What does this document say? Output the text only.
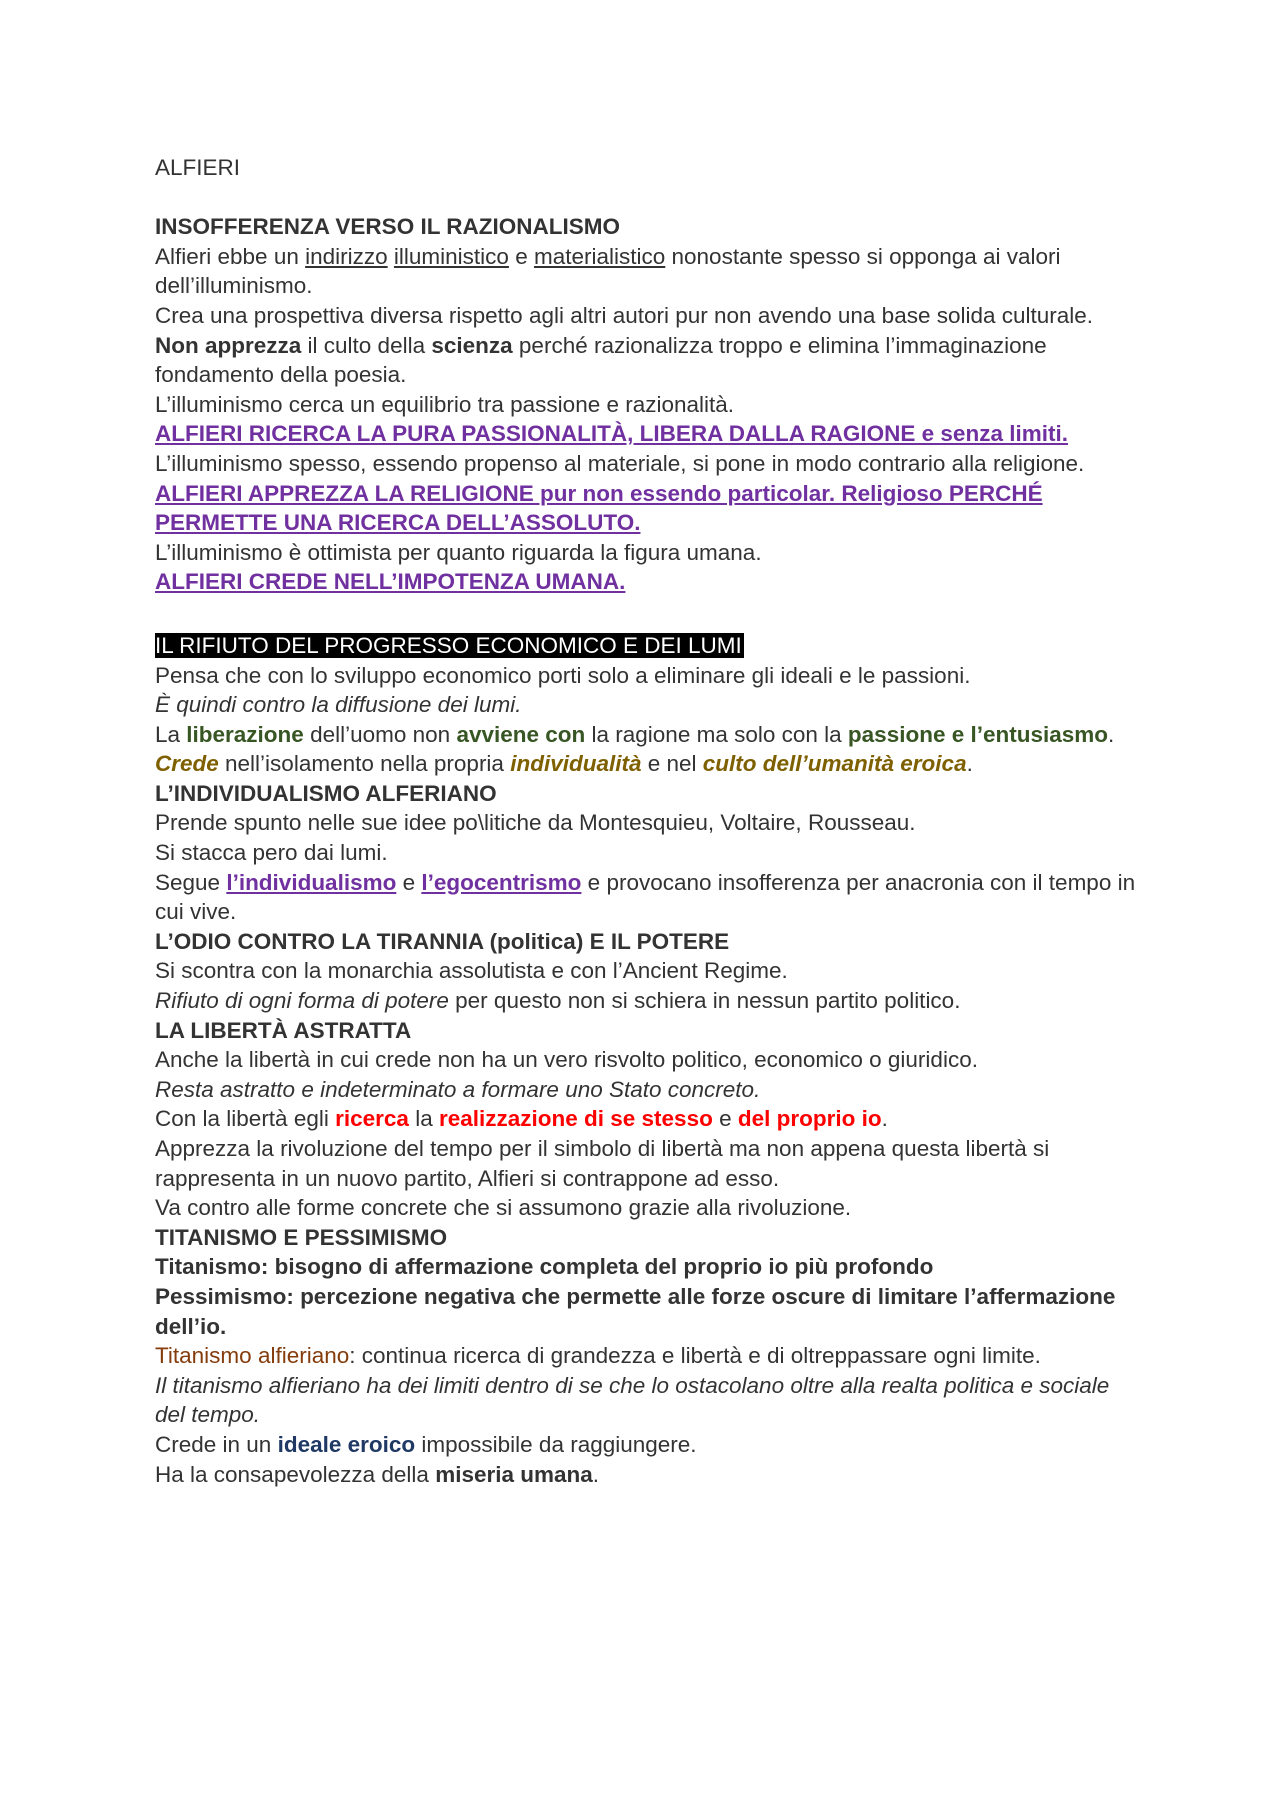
ALFIERI

INSOFFERENZA VERSO IL RAZIONALISMO

Alfieri ebbe un indirizzo illuministico e materialistico nonostante spesso si opponga ai valori dell’illuminismo.

Crea una prospettiva diversa rispetto agli altri autori pur non avendo una base solida culturale.

Non apprezza il culto della scienza perché razionalizza troppo e elimina l’immaginazione fondamento della poesia.

L’illuminismo cerca un equilibrio tra passione e razionalità.

ALFIERI RICERCA LA PURA PASSIONALITÀ, LIBERA DALLA RAGIONE e senza limiti.

L’illuminismo spesso, essendo propenso al materiale, si pone in modo contrario alla religione.

ALFIERI APPREZZA LA RELIGIONE pur non essendo particolar. Religioso PERCHÉ PERMETTE UNA RICERCA DELL’ASSOLUTO.

L’illuminismo è ottimista per quanto riguarda la figura umana.

ALFIERI CREDE NELL’IMPOTENZA UMANA.

IL RIFIUTO DEL PROGRESSO ECONOMICO E DEI LUMI

Pensa che con lo sviluppo economico porti solo a eliminare gli ideali e le passioni.

È quindi contro la diffusione dei lumi.

La liberazione dell’uomo non avviene con la ragione ma solo con la passione e l’entusiasmo.

Crede nell’isolamento nella propria individualità e nel culto dell’umanità eroica.

L’INDIVIDUALISMO ALFERIANO

Prende spunto nelle sue idee po\litiche da Montesquieu, Voltaire, Rousseau.

Si stacca pero dai lumi.

Segue l’individualismo e l’egocentrismo e provocano insofferenza per anacronia con il tempo in cui vive.

L’ODIO CONTRO LA TIRANNIA (politica) E IL POTERE

Si scontra con la monarchia assolutista e con l’Ancient Regime.

Rifiuto di ogni forma di potere per questo non si schiera in nessun partito politico.

LA LIBERTÀ ASTRATTA

Anche la libertà in cui crede non ha un vero risvolto politico, economico o giuridico.

Resta astratto e indeterminato a formare uno Stato concreto.

Con la libertà egli ricerca la realizzazione di se stesso e del proprio io.

Apprezza la rivoluzione del tempo per il simbolo di libertà ma non appena questa libertà si rappresenta in un nuovo partito, Alfieri si contrappone ad esso.

Va contro alle forme concrete che si assumono grazie alla rivoluzione.

TITANISMO E PESSIMISMO

Titanismo: bisogno di affermazione completa del proprio io più profondo

Pessimismo: percezione negativa che permette alle forze oscure di limitare l’affermazione dell’io.

Titanismo alfieriano: continua ricerca di grandezza e libertà e di oltreppassare ogni limite.

Il titanismo alfieriano ha dei limiti dentro di se che lo ostacolano oltre alla realta politica e sociale del tempo.

Crede in un ideale eroico impossibile da raggiungere.

Ha la consapevolezza della miseria umana.
